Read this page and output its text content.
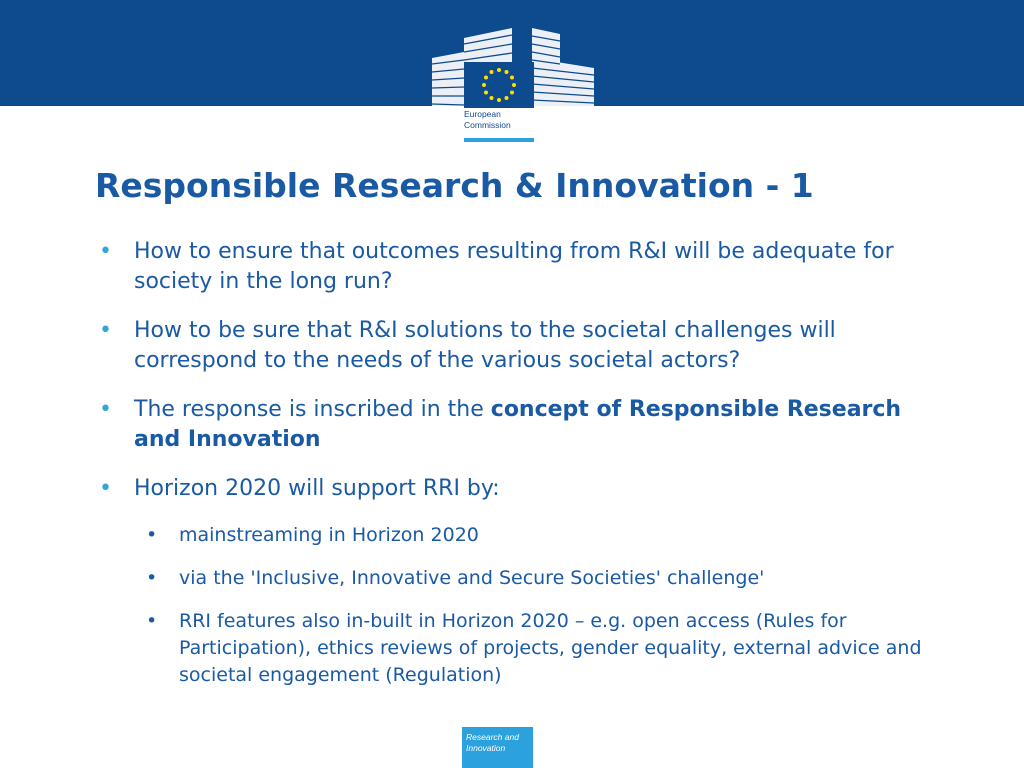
European
Commission
Responsible Research & Innovation - 1
• How to ensure that outcomes resulting from R&I will be adequate for society in the long run?
• How to be sure that R&I solutions to the societal challenges will correspond to the needs of the various societal actors?
• The response is inscribed in the concept of Responsible Research and Innovation
• Horizon 2020 will support RRI by:
• mainstreaming in Horizon 2020
• via the 'Inclusive, Innovative and Secure Societies' challenge'
• RRI features also in-built in Horizon 2020 – e.g. open access (Rules for Participation), ethics reviews of projects, gender equality, external advice and societal engagement (Regulation)
Research and
Innovation
